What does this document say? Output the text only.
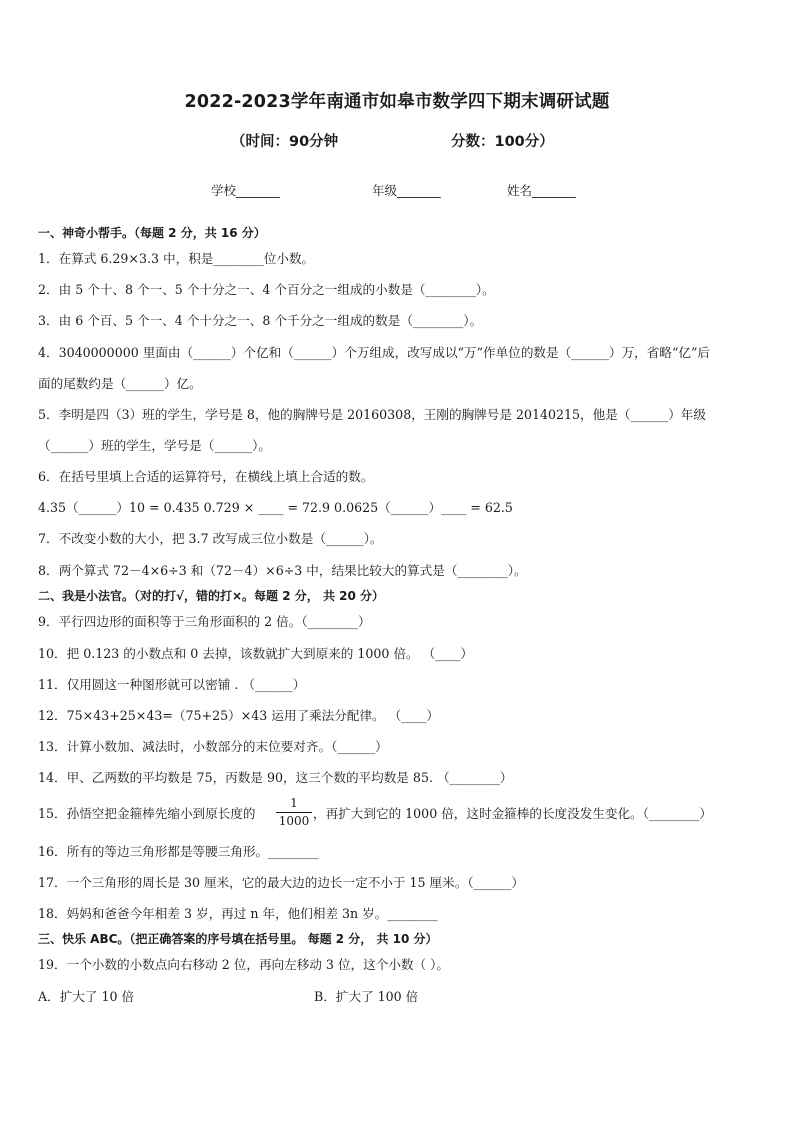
2022-2023学年南通市如皋市数学四下期末调研试题
（时间：90分钟	分数：100分）
学校_______	年级_______	姓名_______
一、神奇小帮手。（每题 2 分，共 16 分）
1．在算式 6.29×3.3 中，积是________位小数。
2．由 5 个十、8 个一、5 个十分之一、4 个百分之一组成的小数是（________）。
3．由 6 个百、5 个一、4 个十分之一、8 个千分之一组成的数是（________）。
4．3040000000 里面由（______）个亿和（______）个万组成，改写成以“万”作单位的数是（______）万，省略“亿”后
面的尾数约是（______）亿。
5．李明是四（3）班的学生，学号是 8，他的胸牌号是 20160308，王刚的胸牌号是 20140215，他是（______）年级
（______）班的学生，学号是（______）。
6．在括号里填上合适的运算符号，在横线上填上合适的数。
4.35（______）10 = 0.435 0.729 × ____ = 72.9 0.0625（______）____ = 62.5
7．不改变小数的大小，把 3.7 改写成三位小数是（______）。
8．两个算式 72－4×6÷3 和（72－4）×6÷3 中，结果比较大的算式是（________）。
二、我是小法官。（对的打√，错的打×。每题 2 分， 共 20 分）
9．平行四边形的面积等于三角形面积的 2 倍。（________）
10．把 0.123 的小数点和 0 去掉，该数就扩大到原来的 1000 倍。 （____）
11．仅用圆这一种图形就可以密铺 . （______）
12．75×43+25×43=（75+25）×43 运用了乘法分配律。 （____）
13．计算小数加、减法时，小数部分的末位要对齐。（______）
14．甲、乙两数的平均数是 75，丙数是 90，这三个数的平均数是 85. （________）
15．孙悟空把金箍棒先缩小到原长度的
1
1000 ，再扩大到它的 1000 倍，这时金箍棒的长度没发生变化。（________）
16．所有的等边三角形都是等腰三角形。________
17．一个三角形的周长是 30 厘米，它的最大边的边长一定不小于 15 厘米。（______）
18．妈妈和爸爸今年相差 3 岁，再过 n 年，他们相差 3n 岁。________
三、快乐 ABC。（把正确答案的序号填在括号里。 每题 2 分， 共 10 分）
19．一个小数的小数点向右移动 2 位，再向左移动 3 位，这个小数（ ）。
A．扩大了 10 倍	B．扩大了 100 倍
